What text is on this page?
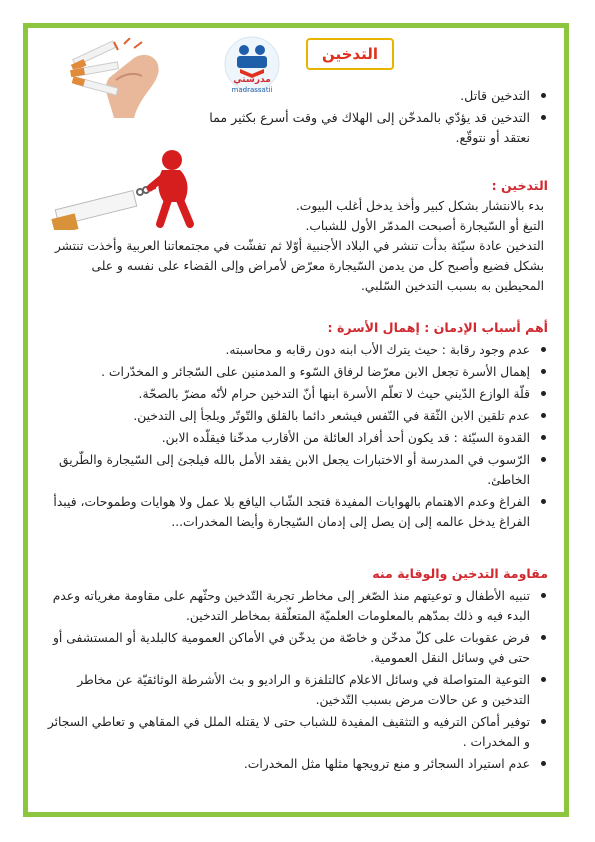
مدرستي
madrassatii
التدخين
التدخين قاتل.
التدخين قد يؤدّي بالمدخّن إلى الهلاك في وقت أسرع بكثير مما نعتقد أو نتوقّع.
التدخين :

بدء بالانتشار بشكل كبير وأخذ يدخل أغلب البيوت.

التبغ أو السّيجارة أصبحت المدمّر الأول للشباب.

التدخين عادة سيّئة بدأت تنشر في البلاد الأجنبية أوّلا ثم تفشّت في مجتمعاتنا العربية وأخذت تنتشر بشكل فضيع وأصبح كل من يدمن السّيجارة معرّض لأمراض وإلى القضاء على نفسه و على المحيطين به بسبب التدخين السّلبي.

أهم أسباب الإدمان : إهمال الأسرة :
عدم وجود رقابة : حيث يترك الأب ابنه دون رقابه و محاسبته.
إهمال الأسرة تجعل الابن معرّضا لرفاق السّوء و المدمنين على السّجائر و المخدّرات .
قلّة الوازع الدّيني حيث لا تعلّم الأسرة ابنها أنّ التدخين حرام لأنّه مضرّ بالصحّة.
عدم تلقين الابن الثّقة في النّفس فيشعر دائما بالقلق والتّوتّر ويلجأ إلى التدخين.
القدوة السيّئة : قد يكون أحد أفراد العائلة من الأقارب مدخّنا فيقلّده الابن.
الرّسوب في المدرسة أو الاختبارات يجعل الابن يفقد الأمل بالله فيلجئ إلى السّيجارة والطّريق الخاطئ.
الفراغ وعدم الاهتمام بالهوايات المفيدة فتجد الشّاب اليافع بلا عمل ولا هوايات وطموحات، فيبدأ الفراغ يدخل عالمه إلى إن يصل إلى إدمان السّيجارة وأيضا المخدرات...
مقاومة التدخين والوقاية منه
تنبيه الأطفال و توعيتهم منذ الصّغر إلى مخاطر تجربة التّدخين وحثّهم على مقاومة مغرياته وعدم البدء فيه و ذلك بمدّهم بالمعلومات العلميّة المتعلّقة بمخاطر التدخين.
فرض عقوبات على كلّ مدخّن و خاصّة من يدخّن في الأماكن العمومية كالبلدية أو المستشفى أو حتى في وسائل النقل العمومية.
التوعية المتواصلة في وسائل الاعلام كالتلفزة و الراديو و بث الأشرطة الوثائقيّة عن مخاطر التدخين و عن حالات مرض بسبب التّدخين.
توفير أماكن الترفيه و التثقيف المفيدة للشباب حتى لا يقتله الملل في المقاهي و تعاطي السجائر و المخدرات .
عدم استيراد السجائر و منع ترويجها مثلها مثل المخدرات.
